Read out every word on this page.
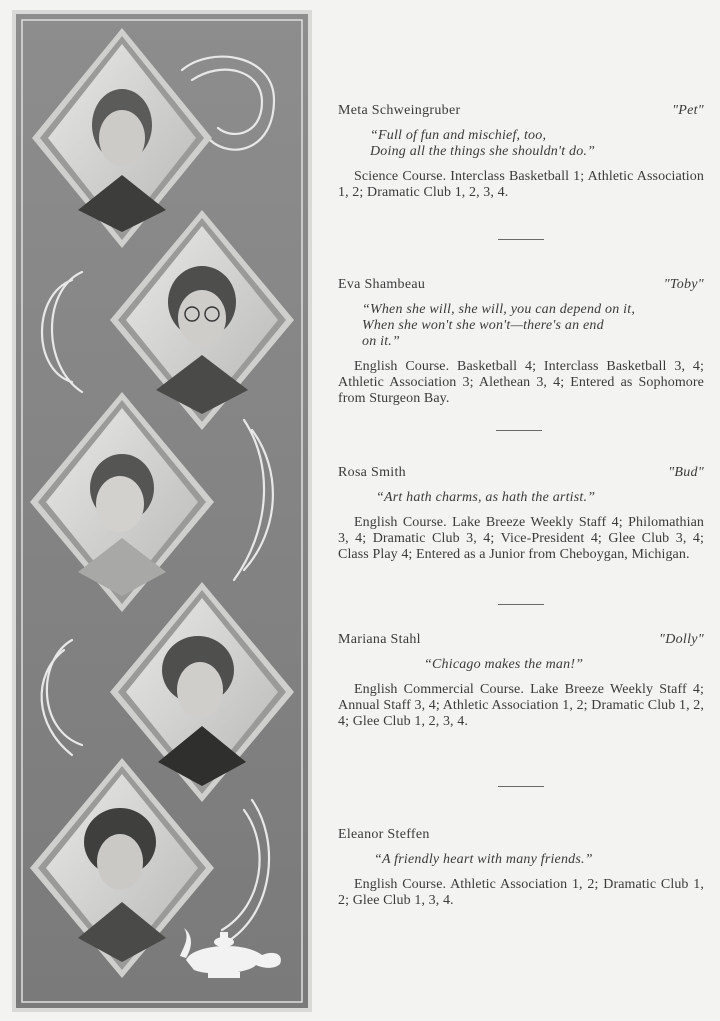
Meta Schweingruber	"Pet"
“Full of fun and mischief, too,
Doing all the things she shouldn't do.”
Science Course. Interclass Basketball 1; Athletic Association 1, 2; Dramatic Club 1, 2, 3, 4.
Eva Shambeau	"Toby"
“When she will, she will, you can depend on it,
When she won't she won't—there's an end
on it.”
English Course. Basketball 4; Interclass Basketball 3, 4; Athletic Association 3; Alethean 3, 4; Entered as Sophomore from Sturgeon Bay.
Rosa Smith	"Bud"
“Art hath charms, as hath the artist.”
English Course. Lake Breeze Weekly Staff 4; Philomathian 3, 4; Dramatic Club 3, 4; Vice-President 4; Glee Club 3, 4; Class Play 4; Entered as a Junior from Cheboygan, Michigan.
Mariana Stahl	"Dolly"
“Chicago makes the man!”
English Commercial Course. Lake Breeze Weekly Staff 4; Annual Staff 3, 4; Athletic Association 1, 2; Dramatic Club 1, 2, 4; Glee Club 1, 2, 3, 4.
Eleanor Steffen
“A friendly heart with many friends.”
English Course. Athletic Association 1, 2; Dramatic Club 1, 2; Glee Club 1, 3, 4.
